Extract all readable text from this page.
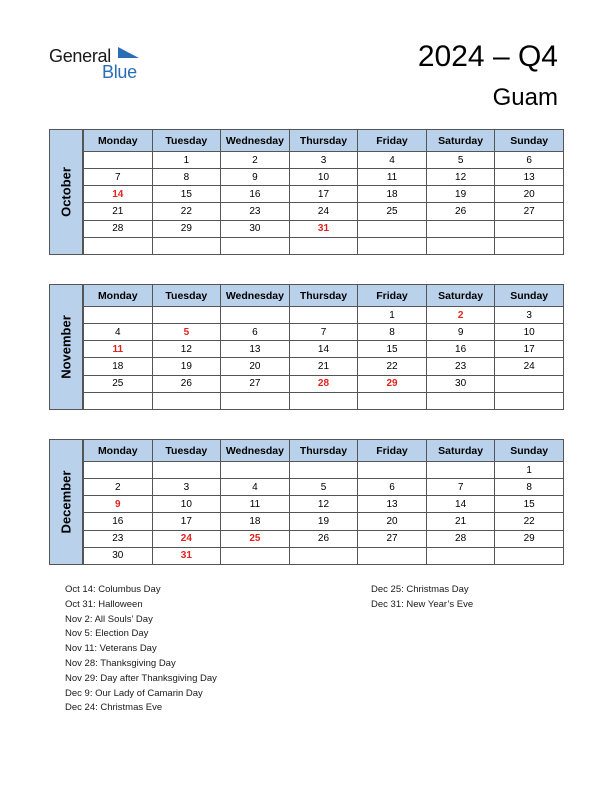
General
Blue	2024 – Q4
Guam
October
Monday	Tuesday	Wednesday	Thursday	Friday	Saturday	Sunday
	1	2	3	4	5	6
7	8	9	10	11	12	13
14	15	16	17	18	19	20
21	22	23	24	25	26	27
28	29	30	31			

November
Monday	Tuesday	Wednesday	Thursday	Friday	Saturday	Sunday
				1	2	3
4	5	6	7	8	9	10
11	12	13	14	15	16	17
18	19	20	21	22	23	24
25	26	27	28	29	30	

December
Monday	Tuesday	Wednesday	Thursday	Friday	Saturday	Sunday
						1
2	3	4	5	6	7	8
9	10	11	12	13	14	15
16	17	18	19	20	21	22
23	24	25	26	27	28	29
30	31					
Oct 14: Columbus Day
Oct 31: Halloween
Nov 2: All Souls’ Day
Nov 5: Election Day
Nov 11: Veterans Day
Nov 28: Thanksgiving Day
Nov 29: Day after Thanksgiving Day
Dec 9: Our Lady of Camarin Day
Dec 24: Christmas Eve
Dec 25: Christmas Day
Dec 31: New Year’s Eve
